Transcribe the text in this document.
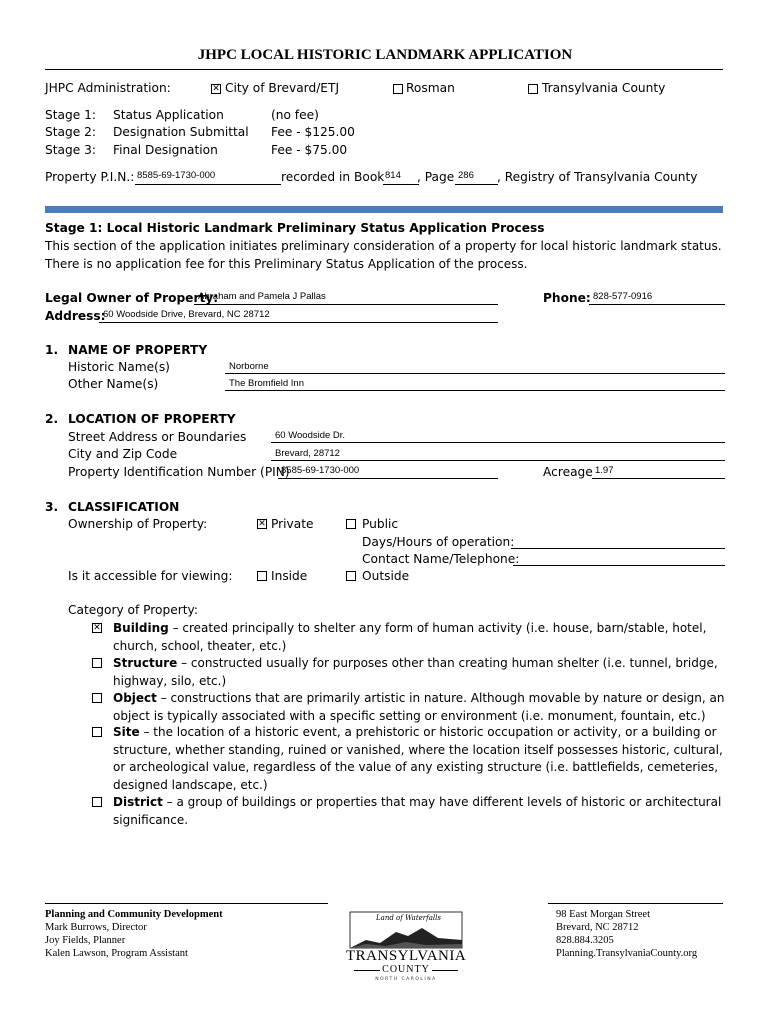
JHPC LOCAL HISTORIC LANDMARK APPLICATION
JHPC Administration:	✕ City of Brevard/ETJ	Rosman	Transylvania County
Stage 1: Status Application	(no fee)
Stage 2: Designation Submittal Fee - $125.00
Stage 3: Final Designation	Fee - $75.00
Property P.I.N.: 8585-69-1730-000	recorded in Book 814 , Page 286 , Registry of Transylvania County
Stage 1: Local Historic Landmark Preliminary Status Application Process
This section of the application initiates preliminary consideration of a property for local historic landmark status. There is no application fee for this Preliminary Status Application of the process.
Legal Owner of Property:
Abraham and Pamela J Pallas	Phone: 828-577-0916
Address:
60 Woodside Drive, Brevard, NC 28712
1. NAME OF PROPERTY
Historic Name(s)	Norborne
Other Name(s)	The Bromfield Inn
2. LOCATION OF PROPERTY
Street Address or Boundaries	60 Woodside Dr.
City and Zip Code	Brevard, 28712
Property Identification Number (PIN)
8585-69-1730-000	Acreage 1.97
3. CLASSIFICATION
Ownership of Property:	✕ Private	Public
Days/Hours of operation:
Contact Name/Telephone:
Is it accessible for viewing:	Inside	Outside
Category of Property:
✕ Building – created principally to shelter any form of human activity (i.e. house, barn/stable, hotel, church, school, theater, etc.)
Structure – constructed usually for purposes other than creating human shelter (i.e. tunnel, bridge, highway, silo, etc.)
Object – constructions that are primarily artistic in nature. Although movable by nature or design, an object is typically associated with a specific setting or environment (i.e. monument, fountain, etc.)
Site – the location of a historic event, a prehistoric or historic occupation or activity, or a building or structure, whether standing, ruined or vanished, where the location itself possesses historic, cultural, or archeological value, regardless of the value of any existing structure (i.e. battlefields, cemeteries, designed landscape, etc.)
District – a group of buildings or properties that may have different levels of historic or architectural significance.
Planning and Community Development
Mark Burrows, Director
Joy Fields, Planner
Kalen Lawson, Program Assistant
Land of Waterfalls
TRANSYLVANIA
COUNTY
NORTH CAROLINA
98 East Morgan Street
Brevard, NC 28712
828.884.3205
Planning.TransylvaniaCounty.org
